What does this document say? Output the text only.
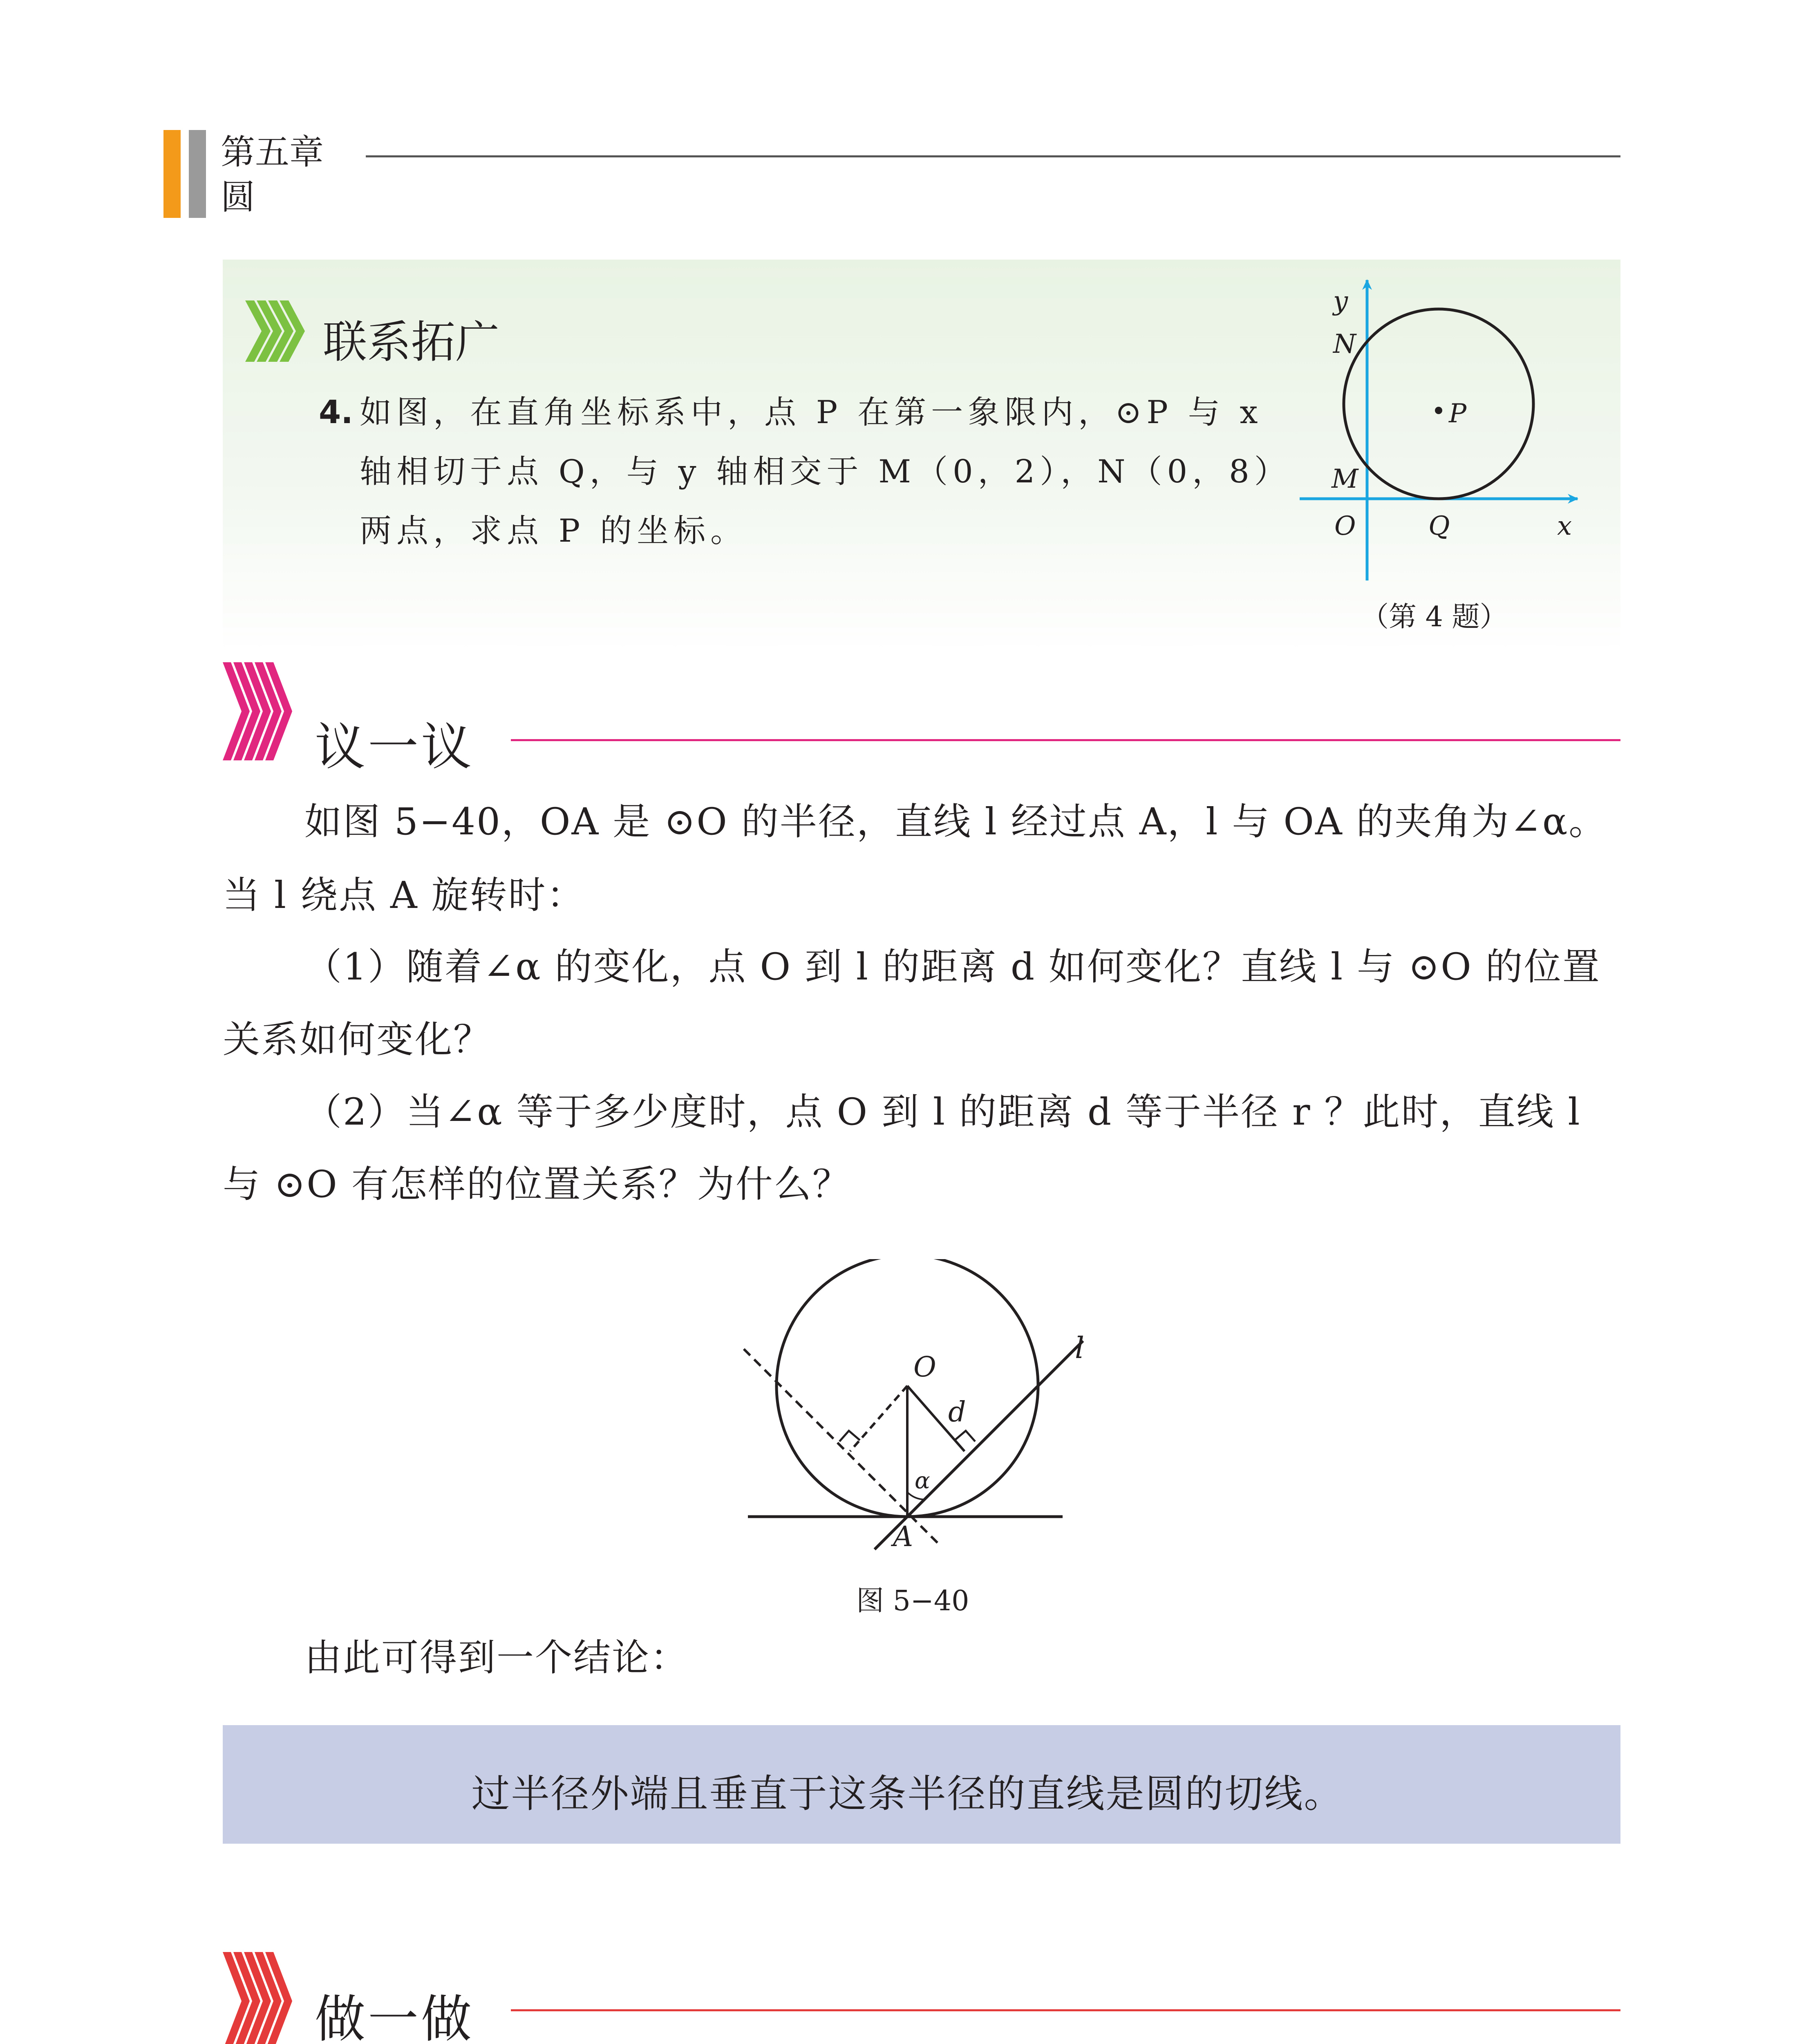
第五章
圆
联系拓广
4. 如图，在直角坐标系中，点 P 在第一象限内，⊙P 与 x
轴相切于点 Q，与 y 轴相交于 M（0，2），N（0，8）
两点，求点 P 的坐标。
y
N
P
M
O	Q	x
（第 4 题）
议一议
如图 5−40，OA 是 ⊙O 的半径，直线 l 经过点 A，l 与 OA 的夹角为∠α。
当 l 绕点 A 旋转时：
（1）随着∠α 的变化，点 O 到 l 的距离 d 如何变化？直线 l 与 ⊙O 的位置
关系如何变化？
（2）当∠α 等于多少度时，点 O 到 l 的距离 d 等于半径 r ？此时，直线 l
与 ⊙O 有怎样的位置关系？为什么？
O
d
α
A
l
图 5−40
由此可得到一个结论：
过半径外端且垂直于这条半径的直线是圆的切线。
做一做
